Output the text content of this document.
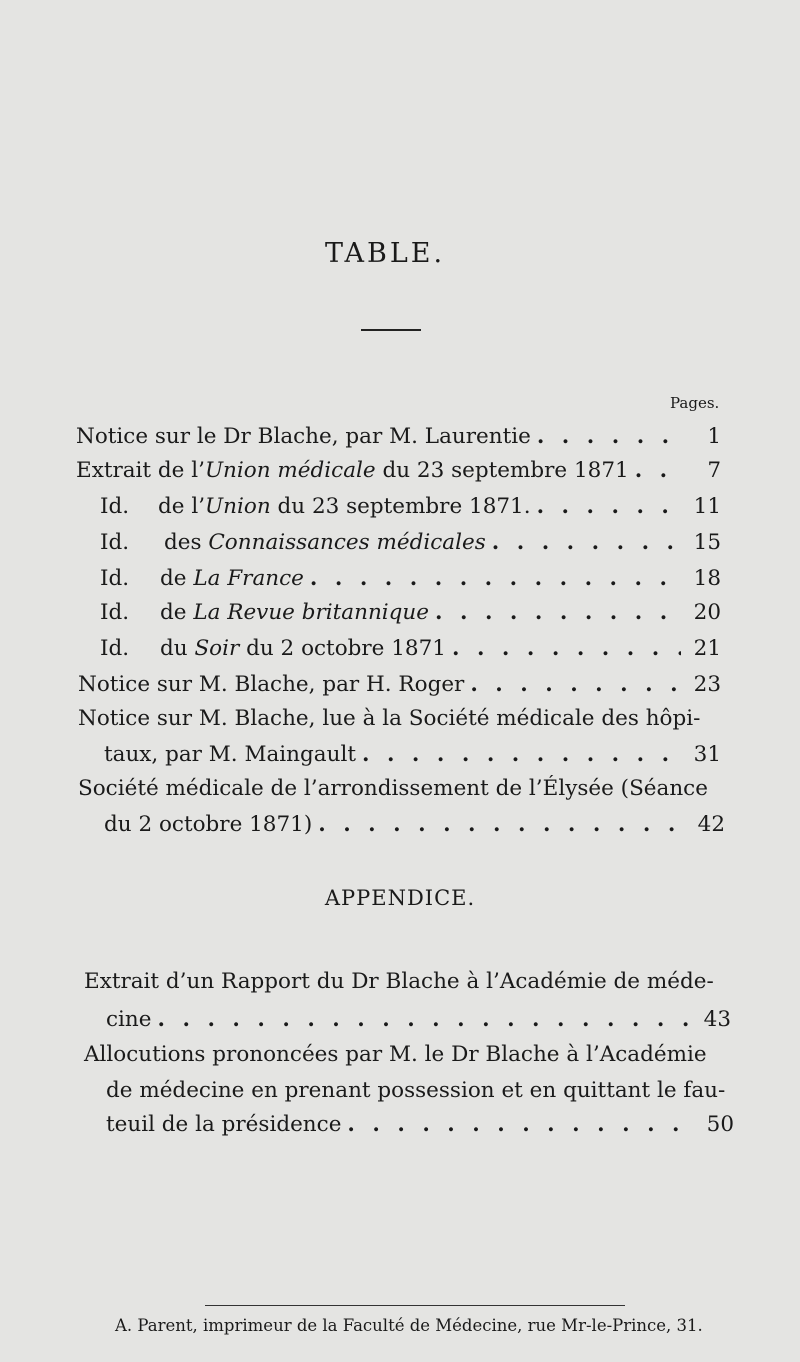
TABLE.
Pages.
Notice sur le Dr Blache, par M. Laurentie . . .	1
Extrait de l’Union médicale du 23 septembre 1871 . . .	7
Id. de l’Union du 23 septembre 1871. . . .	11
Id. des Connaissances médicales . . .	15
Id. de La France . . .	18
Id. de La Revue britannique . . .	20
Id. du Soir du 2 octobre 1871 . . .	21
Notice sur M. Blache, par H. Roger . . .	23
Notice sur M. Blache, lue à la Société médicale des hôpi-
taux, par M. Maingault . . .	31
Société médicale de l’arrondissement de l’Élysée (Séance
du 2 octobre 1871) . . .	42
APPENDICE.
Extrait d’un Rapport du Dr Blache à l’Académie de méde-
cine . . .	43
Allocutions prononcées par M. le Dr Blache à l’Académie
de médecine en prenant possession et en quittant le fau-
teuil de la présidence . . .	50
A. Parent, imprimeur de la Faculté de Médecine, rue Mr-le-Prince, 31.
